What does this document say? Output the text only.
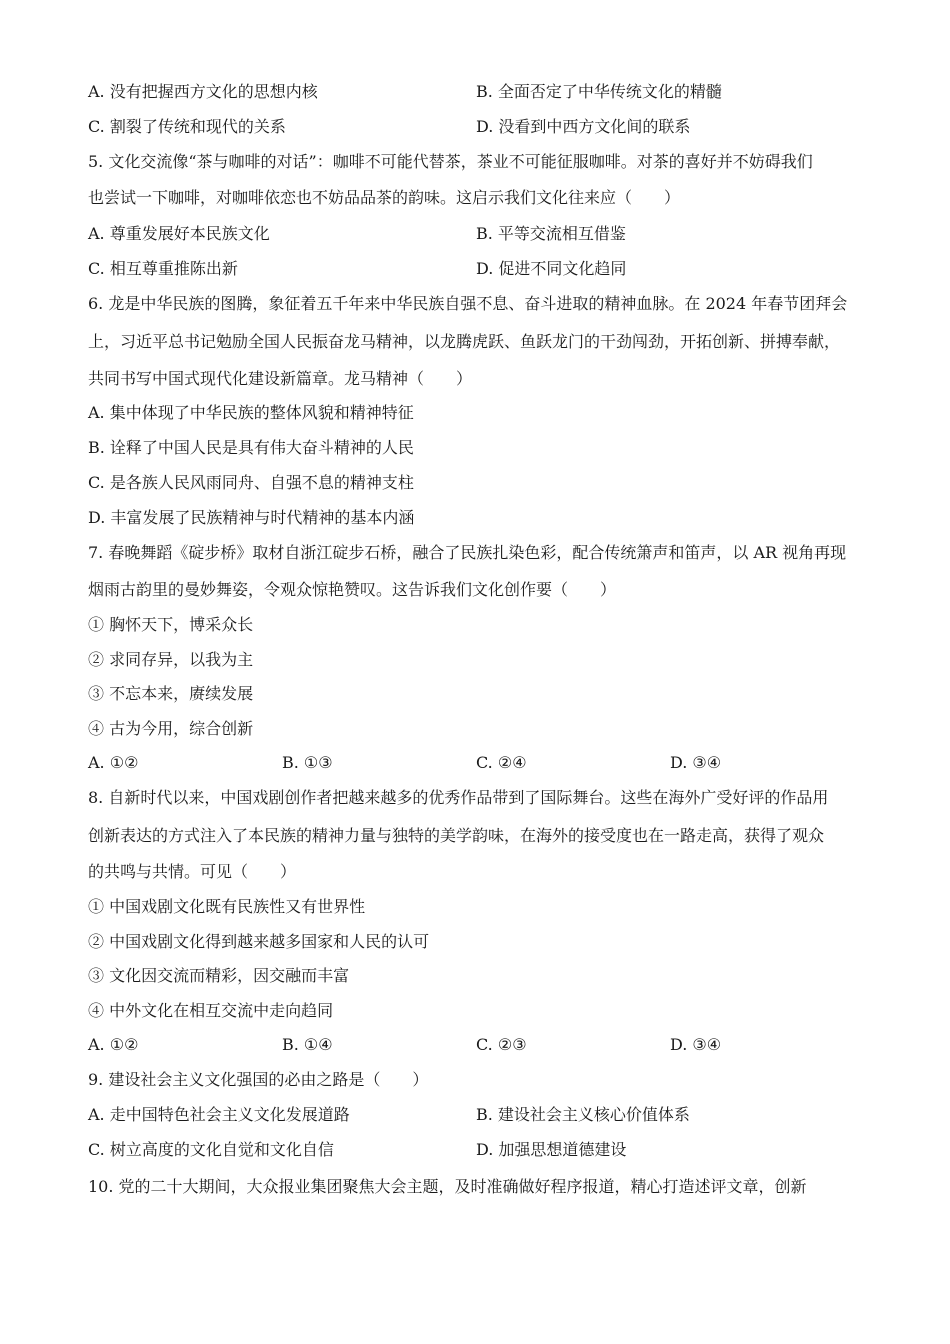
A. 没有把握西方文化的思想内核	B. 全面否定了中华传统文化的精髓
C. 割裂了传统和现代的关系	D. 没看到中西方文化间的联系
5. 文化交流像“茶与咖啡的对话”：咖啡不可能代替茶，茶业不可能征服咖啡。对茶的喜好并不妨碍我们
也尝试一下咖啡，对咖啡依恋也不妨品品茶的韵味。这启示我们文化往来应（　　）
A. 尊重发展好本民族文化	B. 平等交流相互借鉴
C. 相互尊重推陈出新	D. 促进不同文化趋同
6. 龙是中华民族的图腾，象征着五千年来中华民族自强不息、奋斗进取的精神血脉。在 2024 年春节团拜会
上，习近平总书记勉励全国人民振奋龙马精神，以龙腾虎跃、鱼跃龙门的干劲闯劲，开拓创新、拼搏奉献，
共同书写中国式现代化建设新篇章。龙马精神（　　）
A. 集中体现了中华民族的整体风貌和精神特征
B. 诠释了中国人民是具有伟大奋斗精神的人民
C. 是各族人民风雨同舟、自强不息的精神支柱
D. 丰富发展了民族精神与时代精神的基本内涵
7. 春晚舞蹈《碇步桥》取材自浙江碇步石桥，融合了民族扎染色彩，配合传统箫声和笛声，以 AR 视角再现
烟雨古韵里的曼妙舞姿，令观众惊艳赞叹。这告诉我们文化创作要（　　）
① 胸怀天下，博采众长
② 求同存异，以我为主
③ 不忘本来，赓续发展
④ 古为今用，综合创新
A. ①②	B. ①③	C. ②④	D. ③④
8. 自新时代以来，中国戏剧创作者把越来越多的优秀作品带到了国际舞台。这些在海外广受好评的作品用
创新表达的方式注入了本民族的精神力量与独特的美学韵味，在海外的接受度也在一路走高，获得了观众
的共鸣与共情。可见（　　）
① 中国戏剧文化既有民族性又有世界性
② 中国戏剧文化得到越来越多国家和人民的认可
③ 文化因交流而精彩，因交融而丰富
④ 中外文化在相互交流中走向趋同
A. ①②	B. ①④	C. ②③	D. ③④
9. 建设社会主义文化强国的必由之路是（　　）
A. 走中国特色社会主义文化发展道路	B. 建设社会主义核心价值体系
C. 树立高度的文化自觉和文化自信	D. 加强思想道德建设
10. 党的二十大期间，大众报业集团聚焦大会主题，及时准确做好程序报道，精心打造述评文章，创新
